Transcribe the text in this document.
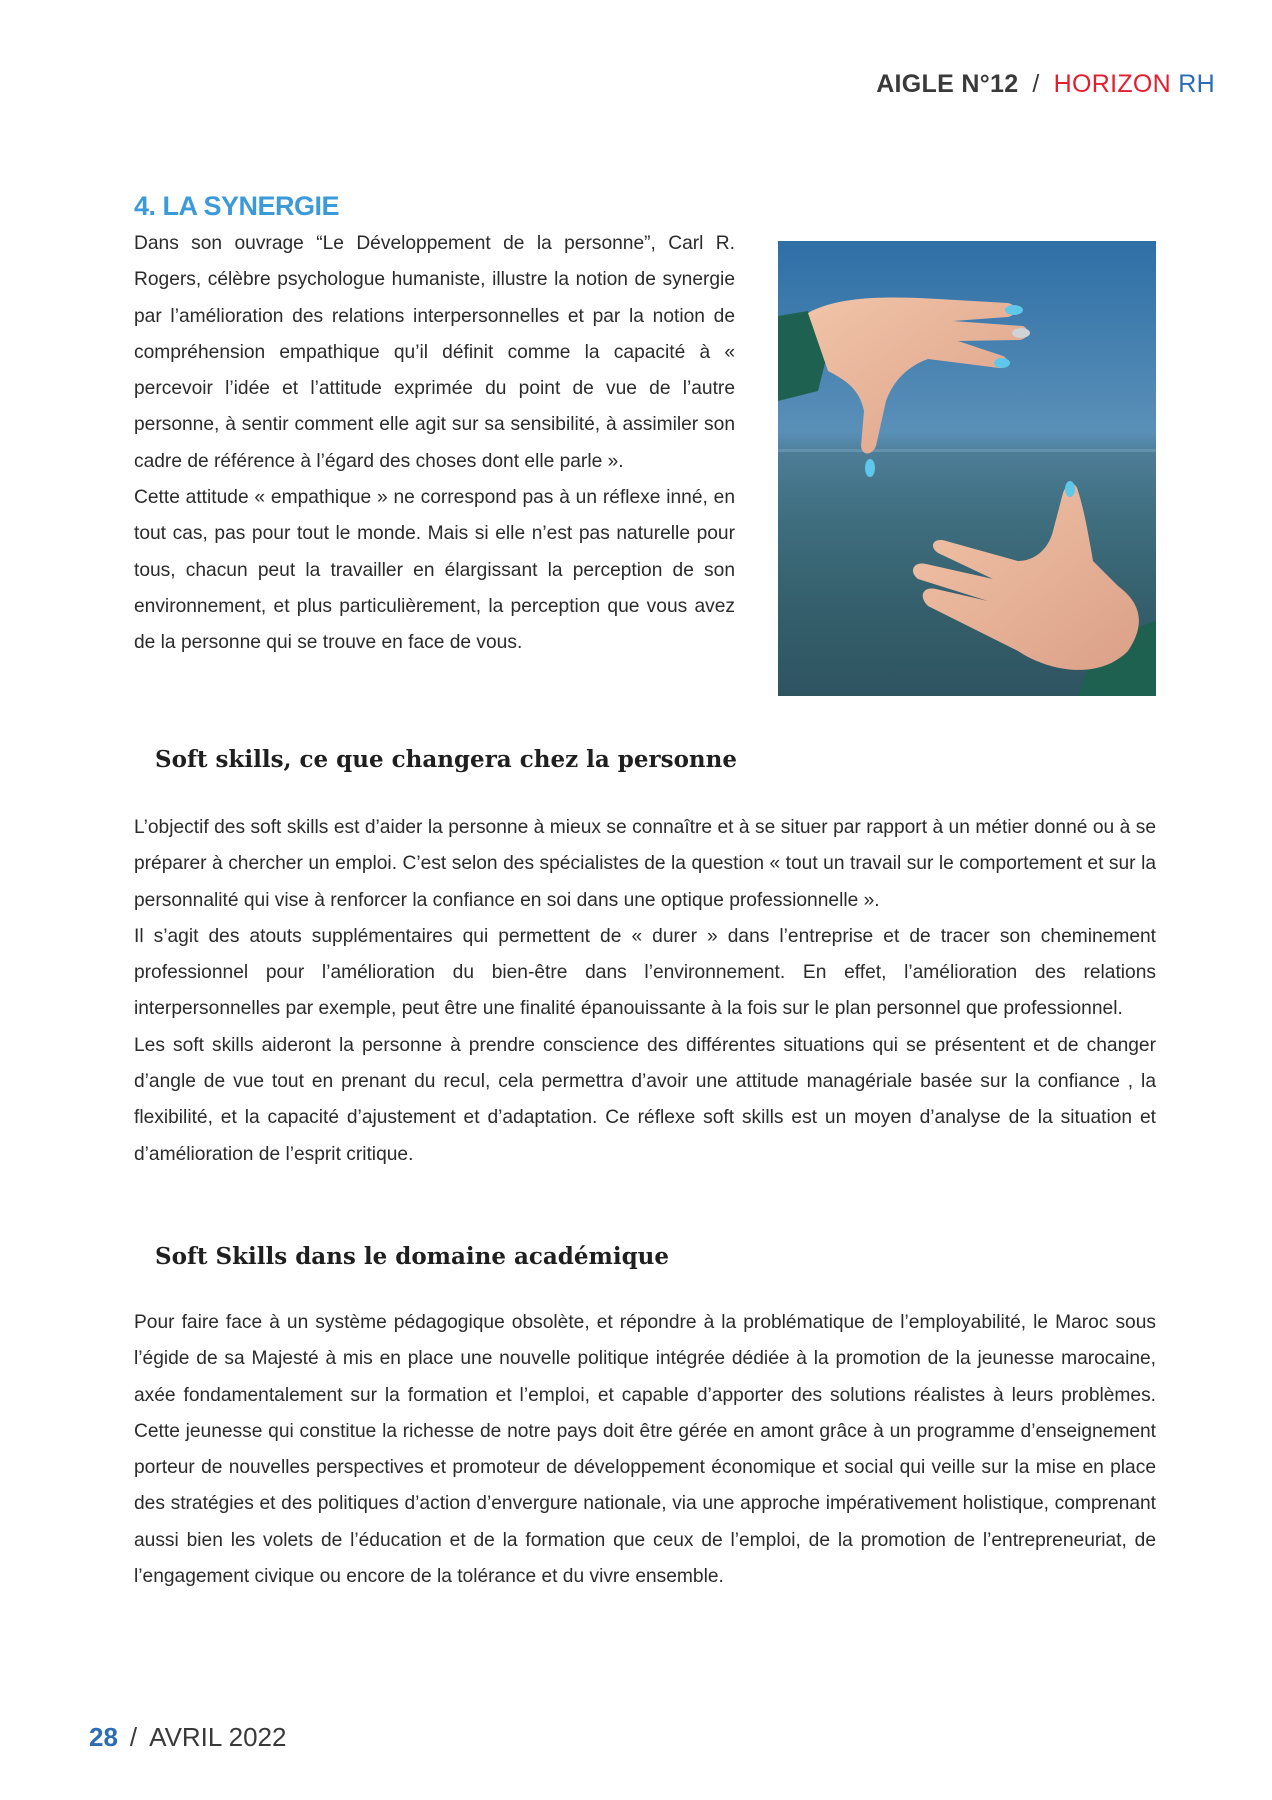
AIGLE N°12 / HORIZON RH
4. LA SYNERGIE

Dans son ouvrage “Le Développement de la personne”, Carl R. Rogers, célèbre psychologue humaniste, illustre la notion de synergie par l’amélioration des relations interpersonnelles et par la notion de compréhension empathique qu’il définit comme la capacité à « percevoir l’idée et l’attitude exprimée du point de vue de l’autre personne, à sentir comment elle agit sur sa sensibilité, à assimiler son cadre de référence à l’égard des choses dont elle parle ».

Cette attitude « empathique » ne correspond pas à un réflexe inné, en tout cas, pas pour tout le monde. Mais si elle n’est pas naturelle pour tous, chacun peut la travailler en élargissant la perception de son environnement, et plus particulièrement, la perception que vous avez de la personne qui se trouve en face de vous.

Soft skills, ce que changera chez la personne

L’objectif des soft skills est d’aider la personne à mieux se connaître et à se situer par rapport à un métier donné ou à se préparer à chercher un emploi. C’est selon des spécialistes de la question « tout un travail sur le comportement et sur la personnalité qui vise à renforcer la confiance en soi dans une optique professionnelle ».

Il s’agit des atouts supplémentaires qui permettent de « durer » dans l’entreprise et de tracer son cheminement professionnel pour l’amélioration du bien-être dans l’environnement. En effet, l’amélioration des relations interpersonnelles par exemple, peut être une finalité épanouissante à la fois sur le plan personnel que professionnel.

Les soft skills aideront la personne à prendre conscience des différentes situations qui se présentent et de changer d’angle de vue tout en prenant du recul, cela permettra d’avoir une attitude managériale basée sur la confiance , la flexibilité, et la capacité d’ajustement et d’adaptation. Ce réflexe soft skills est un moyen d’analyse de la situation et d’amélioration de l’esprit critique.

Soft Skills dans le domaine académique

Pour faire face à un système pédagogique obsolète, et répondre à la problématique de l’employabilité, le Maroc sous l’égide de sa Majesté à mis en place une nouvelle politique intégrée dédiée à la promotion de la jeunesse marocaine, axée fondamentalement sur la formation et l’emploi, et capable d’apporter des solutions réalistes à leurs problèmes. Cette jeunesse qui constitue la richesse de notre pays doit être gérée en amont grâce à un programme d’enseignement porteur de nouvelles perspectives et promoteur de développement économique et social qui veille sur la mise en place des stratégies et des politiques d’action d’envergure nationale, via une approche impérativement holistique, comprenant aussi bien les volets de l’éducation et de la formation que ceux de l’emploi, de la promotion de l’entrepreneuriat, de l’engagement civique ou encore de la tolérance et du vivre ensemble.

28 / AVRIL 2022
